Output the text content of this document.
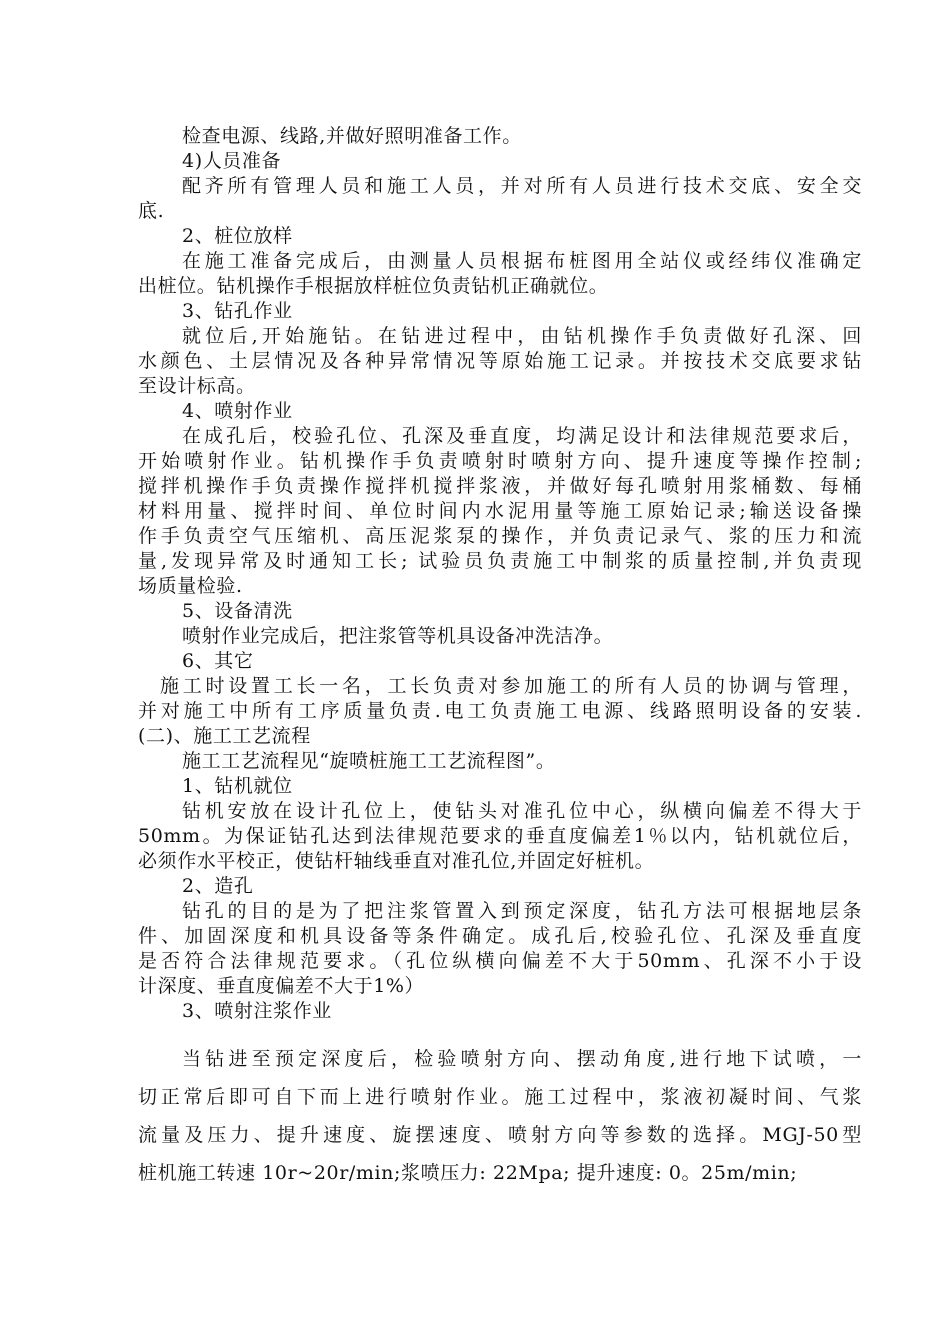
检查电源、线路,并做好照明准备工作。
4)人员准备
配齐所有管理人员和施工人员，并对所有人员进行技术交底、安全交
底.
2、桩位放样
在施工准备完成后，由测量人员根据布桩图用全站仪或经纬仪准确定
出桩位。钻机操作手根据放样桩位负责钻机正确就位。
3、钻孔作业
就位后,开始施钻。在钻进过程中，由钻机操作手负责做好孔深、回
水颜色、土层情况及各种异常情况等原始施工记录。并按技术交底要求钻
至设计标高。
4、喷射作业
在成孔后，校验孔位、孔深及垂直度，均满足设计和法律规范要求后，
开始喷射作业。钻机操作手负责喷射时喷射方向、提升速度等操作控制;
搅拌机操作手负责操作搅拌机搅拌浆液，并做好每孔喷射用浆桶数、每桶
材料用量、搅拌时间、单位时间内水泥用量等施工原始记录;输送设备操
作手负责空气压缩机、高压泥浆泵的操作，并负责记录气、浆的压力和流
量,发现异常及时通知工长; 试验员负责施工中制浆的质量控制,并负责现
场质量检验.
5、设备清洗
喷射作业完成后，把注浆管等机具设备冲洗洁净。
6、其它
施工时设置工长一名，工长负责对参加施工的所有人员的协调与管理，
并对施工中所有工序质量负责.电工负责施工电源、线路照明设备的安装.
(二)、施工工艺流程
施工工艺流程见“旋喷桩施工工艺流程图”。
1、钻机就位
钻机安放在设计孔位上，使钻头对准孔位中心，纵横向偏差不得大于
50mm。为保证钻孔达到法律规范要求的垂直度偏差1％以内，钻机就位后，
必须作水平校正，使钻杆轴线垂直对准孔位,并固定好桩机。
2、造孔
钻孔的目的是为了把注浆管置入到预定深度，钻孔方法可根据地层条
件、加固深度和机具设备等条件确定。成孔后,校验孔位、孔深及垂直度
是否符合法律规范要求。（孔位纵横向偏差不大于50mm、孔深不小于设
计深度、垂直度偏差不大于1%）
3、喷射注浆作业
当钻进至预定深度后，检验喷射方向、摆动角度,进行地下试喷，一
切正常后即可自下而上进行喷射作业。施工过程中，浆液初凝时间、气浆
流量及压力、提升速度、旋摆速度、喷射方向等参数的选择。MGJ-50型
桩机施工转速 10r~20r/min;浆喷压力: 22Mpa; 提升速度: 0。25m/min;
